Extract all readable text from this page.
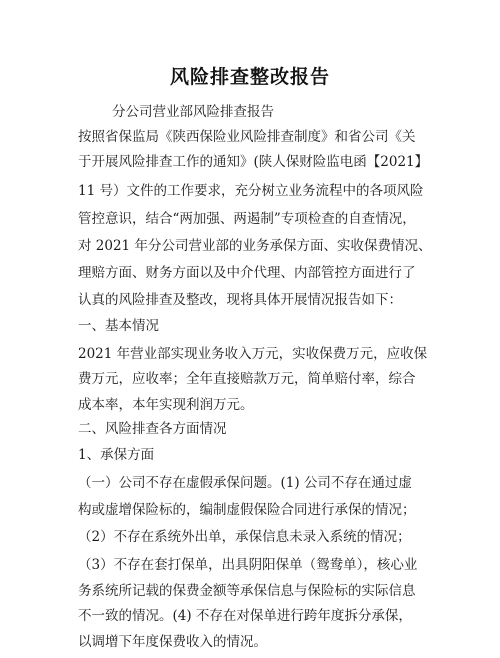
风险排查整改报告
分公司营业部风险排查报告
按照省保监局《陕西保险业风险排查制度》和省公司《关
于开展风险排查工作的通知》(陕人保财险监电函【2021】
11 号）文件的工作要求，充分树立业务流程中的各项风险
管控意识，结合“两加强、两遏制”专项检查的自查情况，
对 2021 年分公司营业部的业务承保方面、实收保费情况、
理赔方面、财务方面以及中介代理、内部管控方面进行了
认真的风险排查及整改，现将具体开展情况报告如下：
一、基本情况
2021 年营业部实现业务收入万元，实收保费万元，应收保
费万元，应收率；全年直接赔款万元，简单赔付率，综合
成本率，本年实现利润万元。
二、风险排查各方面情况
1、承保方面
（一）公司不存在虚假承保问题。(1) 公司不存在通过虚
构或虚增保险标的，编制虚假保险合同进行承保的情况；
（2）不存在系统外出单，承保信息未录入系统的情况；
（3）不存在套打保单，出具阴阳保单（鸳鸯单），核心业
务系统所记载的保费金额等承保信息与保险标的实际信息
不一致的情况。(4) 不存在对保单进行跨年度拆分承保，
以调增下年度保费收入的情况。
